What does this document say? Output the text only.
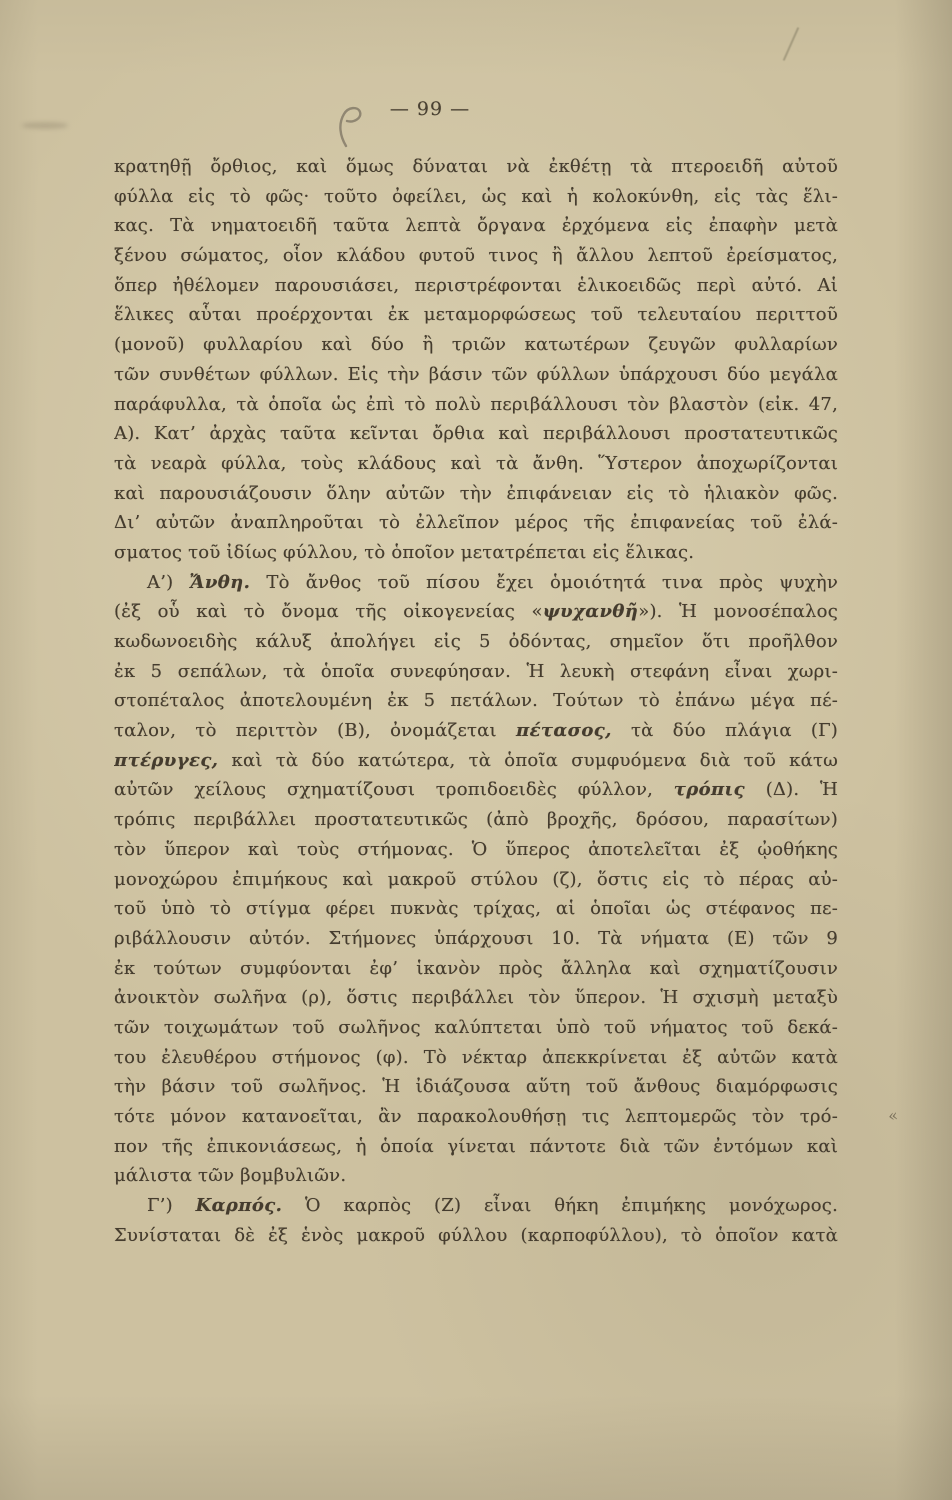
— 99 —
«
κρατηθῇ ὄρθιος, καὶ ὅμως δύναται νὰ ἐκθέτῃ τὰ πτεροειδῆ αὐτοῦ
φύλλα εἰς τὸ φῶς· τοῦτο ὀφείλει, ὡς καὶ ἡ κολοκύνθη, εἰς τὰς ἕλι-
κας. Τὰ νηματοειδῆ ταῦτα λεπτὰ ὄργανα ἐρχόμενα εἰς ἐπαφὴν μετὰ
ξένου σώματος, οἷον κλάδου φυτοῦ τινος ἢ ἄλλου λεπτοῦ ἐρείσματος,
ὅπερ ἠθέλομεν παρουσιάσει, περιστρέφονται ἑλικοειδῶς περὶ αὐτό. Αἱ
ἕλικες αὗται προέρχονται ἐκ μεταμορφώσεως τοῦ τελευταίου περιττοῦ
(μονοῦ) φυλλαρίου καὶ δύο ἢ τριῶν κατωτέρων ζευγῶν φυλλαρίων
τῶν συνθέτων φύλλων. Εἰς τὴν βάσιν τῶν φύλλων ὑπάρχουσι δύο μεγάλα
παράφυλλα, τὰ ὁποῖα ὡς ἐπὶ τὸ πολὺ περιβάλλουσι τὸν βλαστὸν (εἰκ. 47,
Α). Κατ’ ἀρχὰς ταῦτα κεῖνται ὄρθια καὶ περιβάλλουσι προστατευτικῶς
τὰ νεαρὰ φύλλα, τοὺς κλάδους καὶ τὰ ἄνθη. Ὕστερον ἀποχωρίζονται
καὶ παρουσιάζουσιν ὅλην αὐτῶν τὴν ἐπιφάνειαν εἰς τὸ ἡλιακὸν φῶς.
Δι’ αὐτῶν ἀναπληροῦται τὸ ἐλλεῖπον μέρος τῆς ἐπιφανείας τοῦ ἐλά-
σματος τοῦ ἰδίως φύλλου, τὸ ὁποῖον μετατρέπεται εἰς ἕλικας.
Α’) Ἄνθη. Τὸ ἄνθος τοῦ πίσου ἔχει ὁμοιότητά τινα πρὸς ψυχὴν
(ἐξ οὗ καὶ τὸ ὄνομα τῆς οἰκογενείας «ψυχανθῆ»). Ἡ μονοσέπαλος
κωδωνοειδὴς κάλυξ ἀπολήγει εἰς 5 ὀδόντας, σημεῖον ὅτι προῆλθον
ἐκ 5 σεπάλων, τὰ ὁποῖα συνεφύησαν. Ἡ λευκὴ στεφάνη εἶναι χωρι-
στοπέταλος ἀποτελουμένη ἐκ 5 πετάλων. Τούτων τὸ ἐπάνω μέγα πέ-
ταλον, τὸ περιττὸν (Β), ὀνομάζεται πέτασος, τὰ δύο πλάγια (Γ)
πτέρυγες, καὶ τὰ δύο κατώτερα, τὰ ὁποῖα συμφυόμενα διὰ τοῦ κάτω
αὐτῶν χείλους σχηματίζουσι τροπιδοειδὲς φύλλον, τρόπις (Δ). Ἡ
τρόπις περιβάλλει προστατευτικῶς (ἀπὸ βροχῆς, δρόσου, παρασίτων)
τὸν ὕπερον καὶ τοὺς στήμονας. Ὁ ὕπερος ἀποτελεῖται ἐξ ᾠοθήκης
μονοχώρου ἐπιμήκους καὶ μακροῦ στύλου (ζ), ὅστις εἰς τὸ πέρας αὐ-
τοῦ ὑπὸ τὸ στίγμα φέρει πυκνὰς τρίχας, αἱ ὁποῖαι ὡς στέφανος πε-
ριβάλλουσιν αὐτόν. Στήμονες ὑπάρχουσι 10. Τὰ νήματα (Ε) τῶν 9
ἐκ τούτων συμφύονται ἐφ’ ἱκανὸν πρὸς ἄλληλα καὶ σχηματίζουσιν
ἀνοικτὸν σωλῆνα (ρ), ὅστις περιβάλλει τὸν ὕπερον. Ἡ σχισμὴ μεταξὺ
τῶν τοιχωμάτων τοῦ σωλῆνος καλύπτεται ὑπὸ τοῦ νήματος τοῦ δεκά-
του ἐλευθέρου στήμονος (φ). Τὸ νέκταρ ἀπεκκρίνεται ἐξ αὐτῶν κατὰ
τὴν βάσιν τοῦ σωλῆνος. Ἡ ἰδιάζουσα αὕτη τοῦ ἄνθους διαμόρφωσις
τότε μόνον κατανοεῖται, ἂν παρακολουθήσῃ τις λεπτομερῶς τὸν τρό-
πον τῆς ἐπικονιάσεως, ἡ ὁποία γίνεται πάντοτε διὰ τῶν ἐντόμων καὶ
μάλιστα τῶν βομβυλιῶν.
Γ’) Καρπός. Ὁ καρπὸς (Ζ) εἶναι θήκη ἐπιμήκης μονόχωρος.
Συνίσταται δὲ ἐξ ἑνὸς μακροῦ φύλλου (καρποφύλλου), τὸ ὁποῖον κατὰ
